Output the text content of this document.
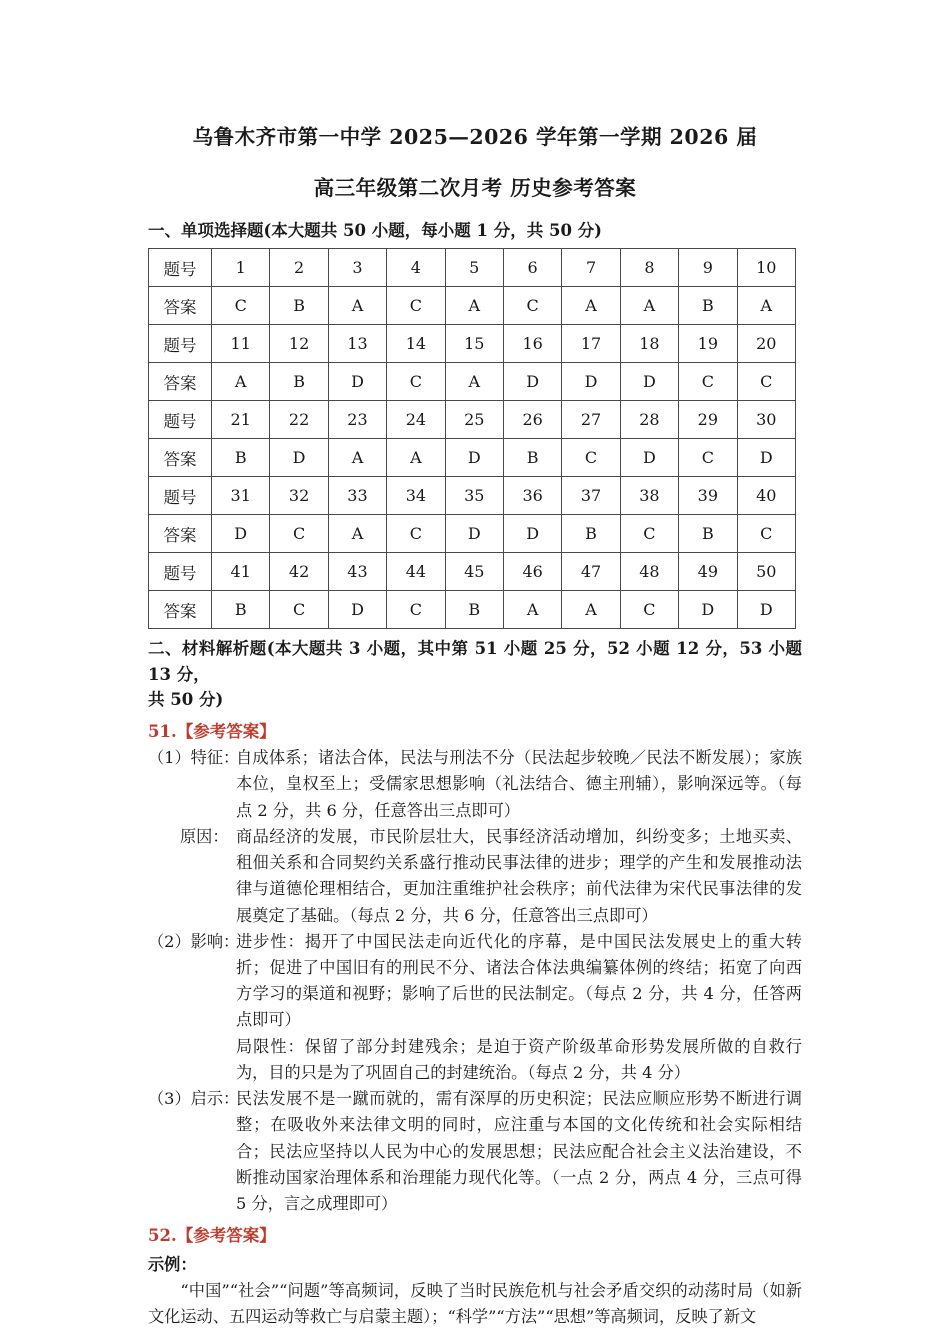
乌鲁木齐市第一中学 2025—2026 学年第一学期 2026 届
高三年级第二次月考 历史参考答案
一、单项选择题(本大题共 50 小题，每小题 1 分，共 50 分)
题号	1	2	3	4	5	6	7	8	9	10
答案	C	B	A	C	A	C	A	A	B	A
题号	11	12	13	14	15	16	17	18	19	20
答案	A	B	D	C	A	D	D	D	C	C
题号	21	22	23	24	25	26	27	28	29	30
答案	B	D	A	A	D	B	C	D	C	D
题号	31	32	33	34	35	36	37	38	39	40
答案	D	C	A	C	D	D	B	C	B	C
题号	41	42	43	44	45	46	47	48	49	50
答案	B	C	D	C	B	A	A	C	D	D
二、材料解析题(本大题共 3 小题，其中第 51 小题 25 分，52 小题 12 分，53 小题 13 分，
共 50 分)
51.【参考答案】
（1）特征：
自成体系；诸法合体，民法与刑法不分（民法起步较晚／民法不断发展）；家族本位，皇权至上；受儒家思想影响（礼法结合、德主刑辅），影响深远等。（每点 2 分，共 6 分，任意答出三点即可）
原因： 商品经济的发展，市民阶层壮大，民事经济活动增加，纠纷变多；土地买卖、租佃关系和合同契约关系盛行推动民事法律的进步；理学的产生和发展推动法律与道德伦理相结合，更加注重维护社会秩序；前代法律为宋代民事法律的发展奠定了基础。（每点 2 分，共 6 分，任意答出三点即可）
（2）影响：
进步性：揭开了中国民法走向近代化的序幕，是中国民法发展史上的重大转折；促进了中国旧有的刑民不分、诸法合体法典编纂体例的终结；拓宽了向西方学习的渠道和视野；影响了后世的民法制定。（每点 2 分，共 4 分，任答两点即可）
局限性：保留了部分封建残余；是迫于资产阶级革命形势发展所做的自救行为，目的只是为了巩固自己的封建统治。（每点 2 分，共 4 分）
（3）启示：
民法发展不是一蹴而就的，需有深厚的历史积淀；民法应顺应形势不断进行调整；在吸收外来法律文明的同时，应注重与本国的文化传统和社会实际相结合；民法应坚持以人民为中心的发展思想；民法应配合社会主义法治建设，不断推动国家治理体系和治理能力现代化等。（一点 2 分，两点 4 分，三点可得 5 分，言之成理即可）
52.【参考答案】
示例：
“中国”“社会”“问题”等高频词，反映了当时民族危机与社会矛盾交织的动荡时局（如新文化运动、五四运动等救亡与启蒙主题）；“科学”“方法”“思想”等高频词，反映了新文
